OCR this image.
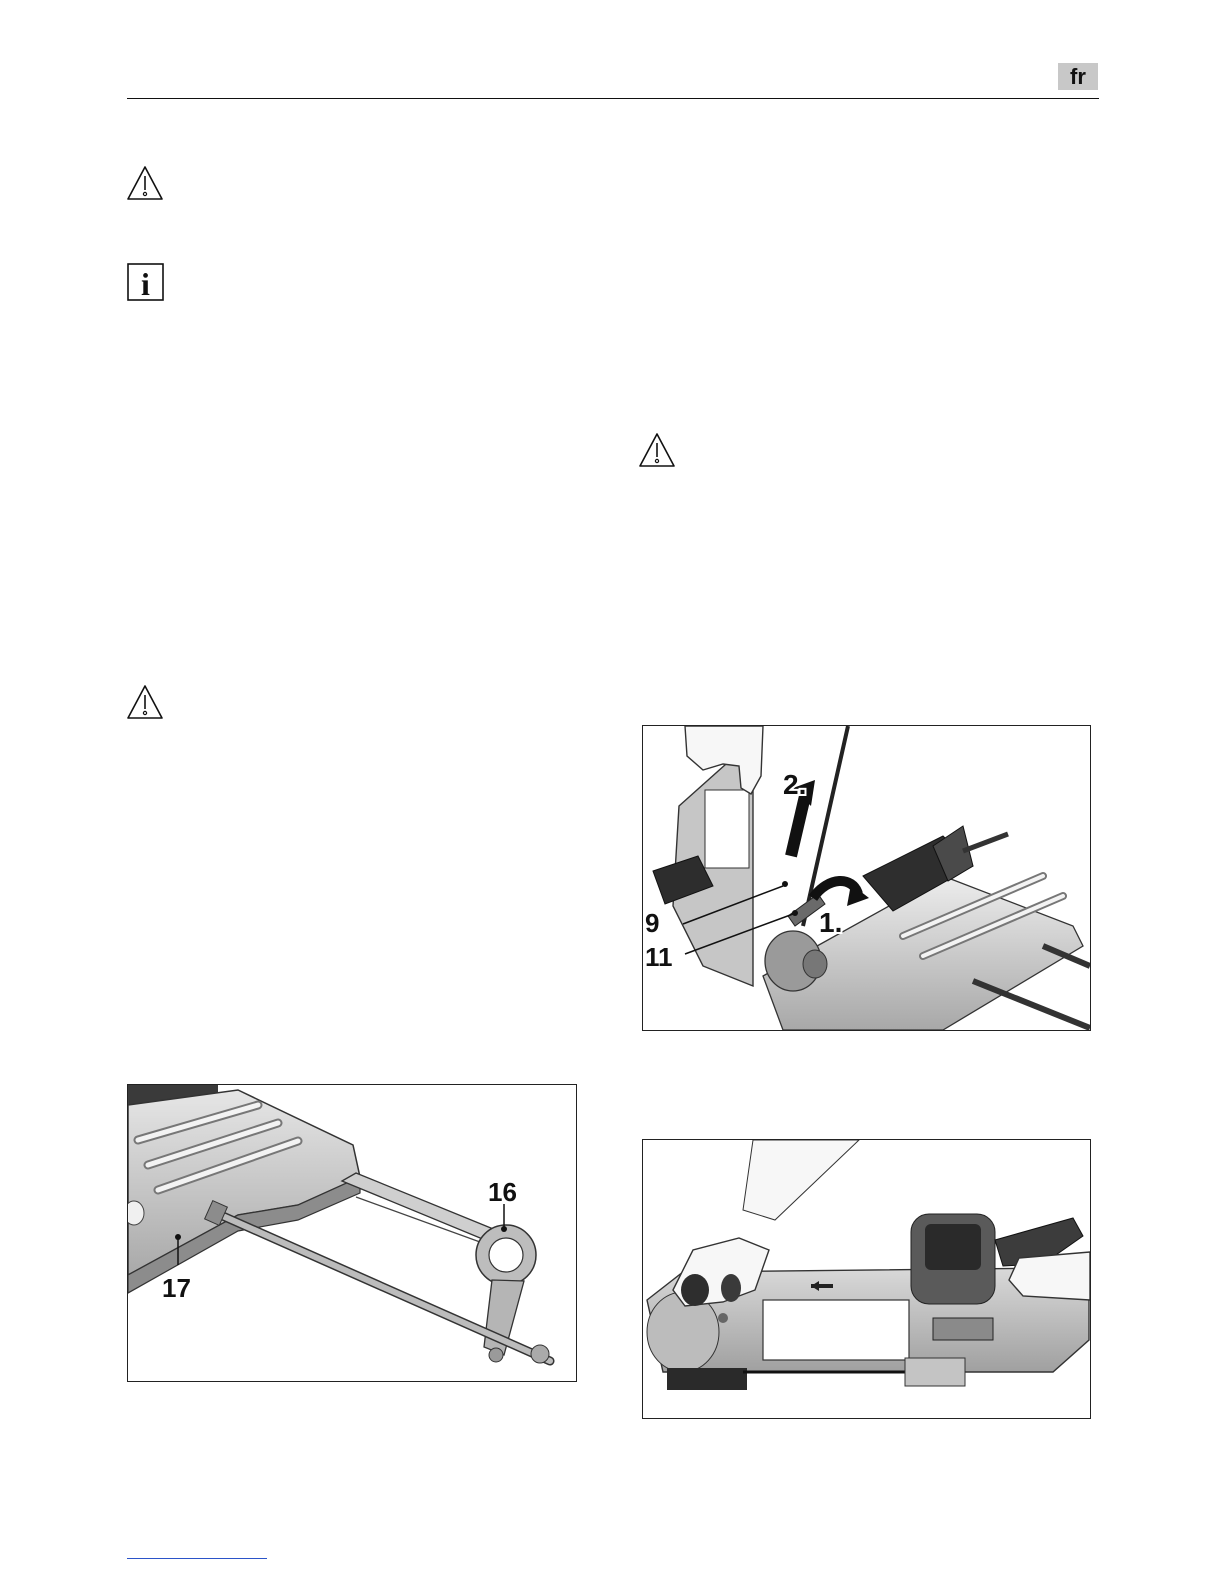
fr
i
16
17
9
11
1.
2.
